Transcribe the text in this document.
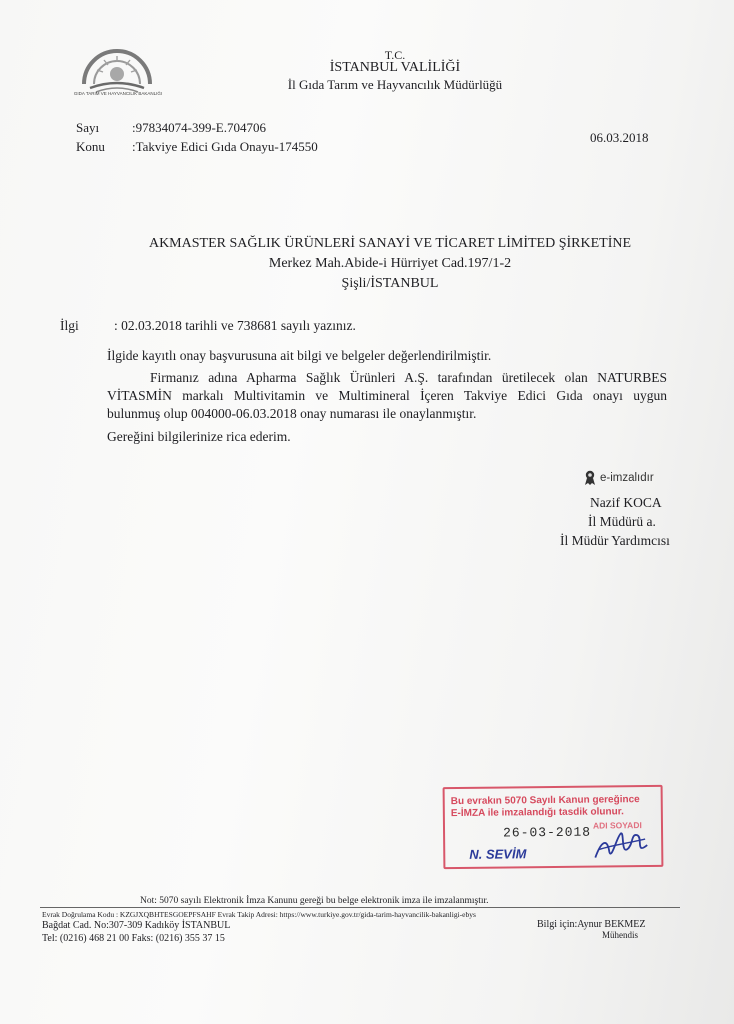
GIDA TARIM VE HAYVANCILIK BAKANLIĞI
T.C.
İSTANBUL VALİLİĞİ
İl Gıda Tarım ve Hayvancılık Müdürlüğü
Sayı	:97834074-399-E.704706
Konu :Takviye Edici Gıda Onayu-174550
06.03.2018
AKMASTER SAĞLIK ÜRÜNLERİ SANAYİ VE TİCARET LİMİTED ŞİRKETİNE
Merkez Mah.Abide-i Hürriyet Cad.197/1-2
Şişli/İSTANBUL
İlgi	: 02.03.2018 tarihli ve 738681 sayılı yazınız.
İlgide kayıtlı onay başvurusuna ait bilgi ve belgeler değerlendirilmiştir.
Firmanız adına Apharma Sağlık Ürünleri A.Ş. tarafından üretilecek olan NATURBES
VİTASMİN markalı Multivitamin ve Multimineral İçeren Takviye Edici Gıda onayı uygun
bulunmuş olup 004000-06.03.2018 onay numarası ile onaylanmıştır.
Gereğini bilgilerinize rica ederim.
e-imzalıdır
Nazif KOCA
İl Müdürü a.
İl Müdür Yardımcısı
Bu evrakın 5070 Sayılı Kanun gereğince
E-İMZA ile imzalandığı tasdik olunur.
26-03-2018 ADI SOYADI
N. SEVİM
Not: 5070 sayılı Elektronik İmza Kanunu gereği bu belge elektronik imza ile imzalanmıştır.
Evrak Doğrulama Kodu : KZGJXQBHTESGOEPFSAHF Evrak Takip Adresi: https://www.turkiye.gov.tr/gida-tarim-hayvancilik-bakanligi-ebys
Bağdat Cad. No:307-309 Kadıköy İSTANBUL
Tel: (0216) 468 21 00 Faks: (0216) 355 37 15
Bilgi için:Aynur BEKMEZ
Mühendis
